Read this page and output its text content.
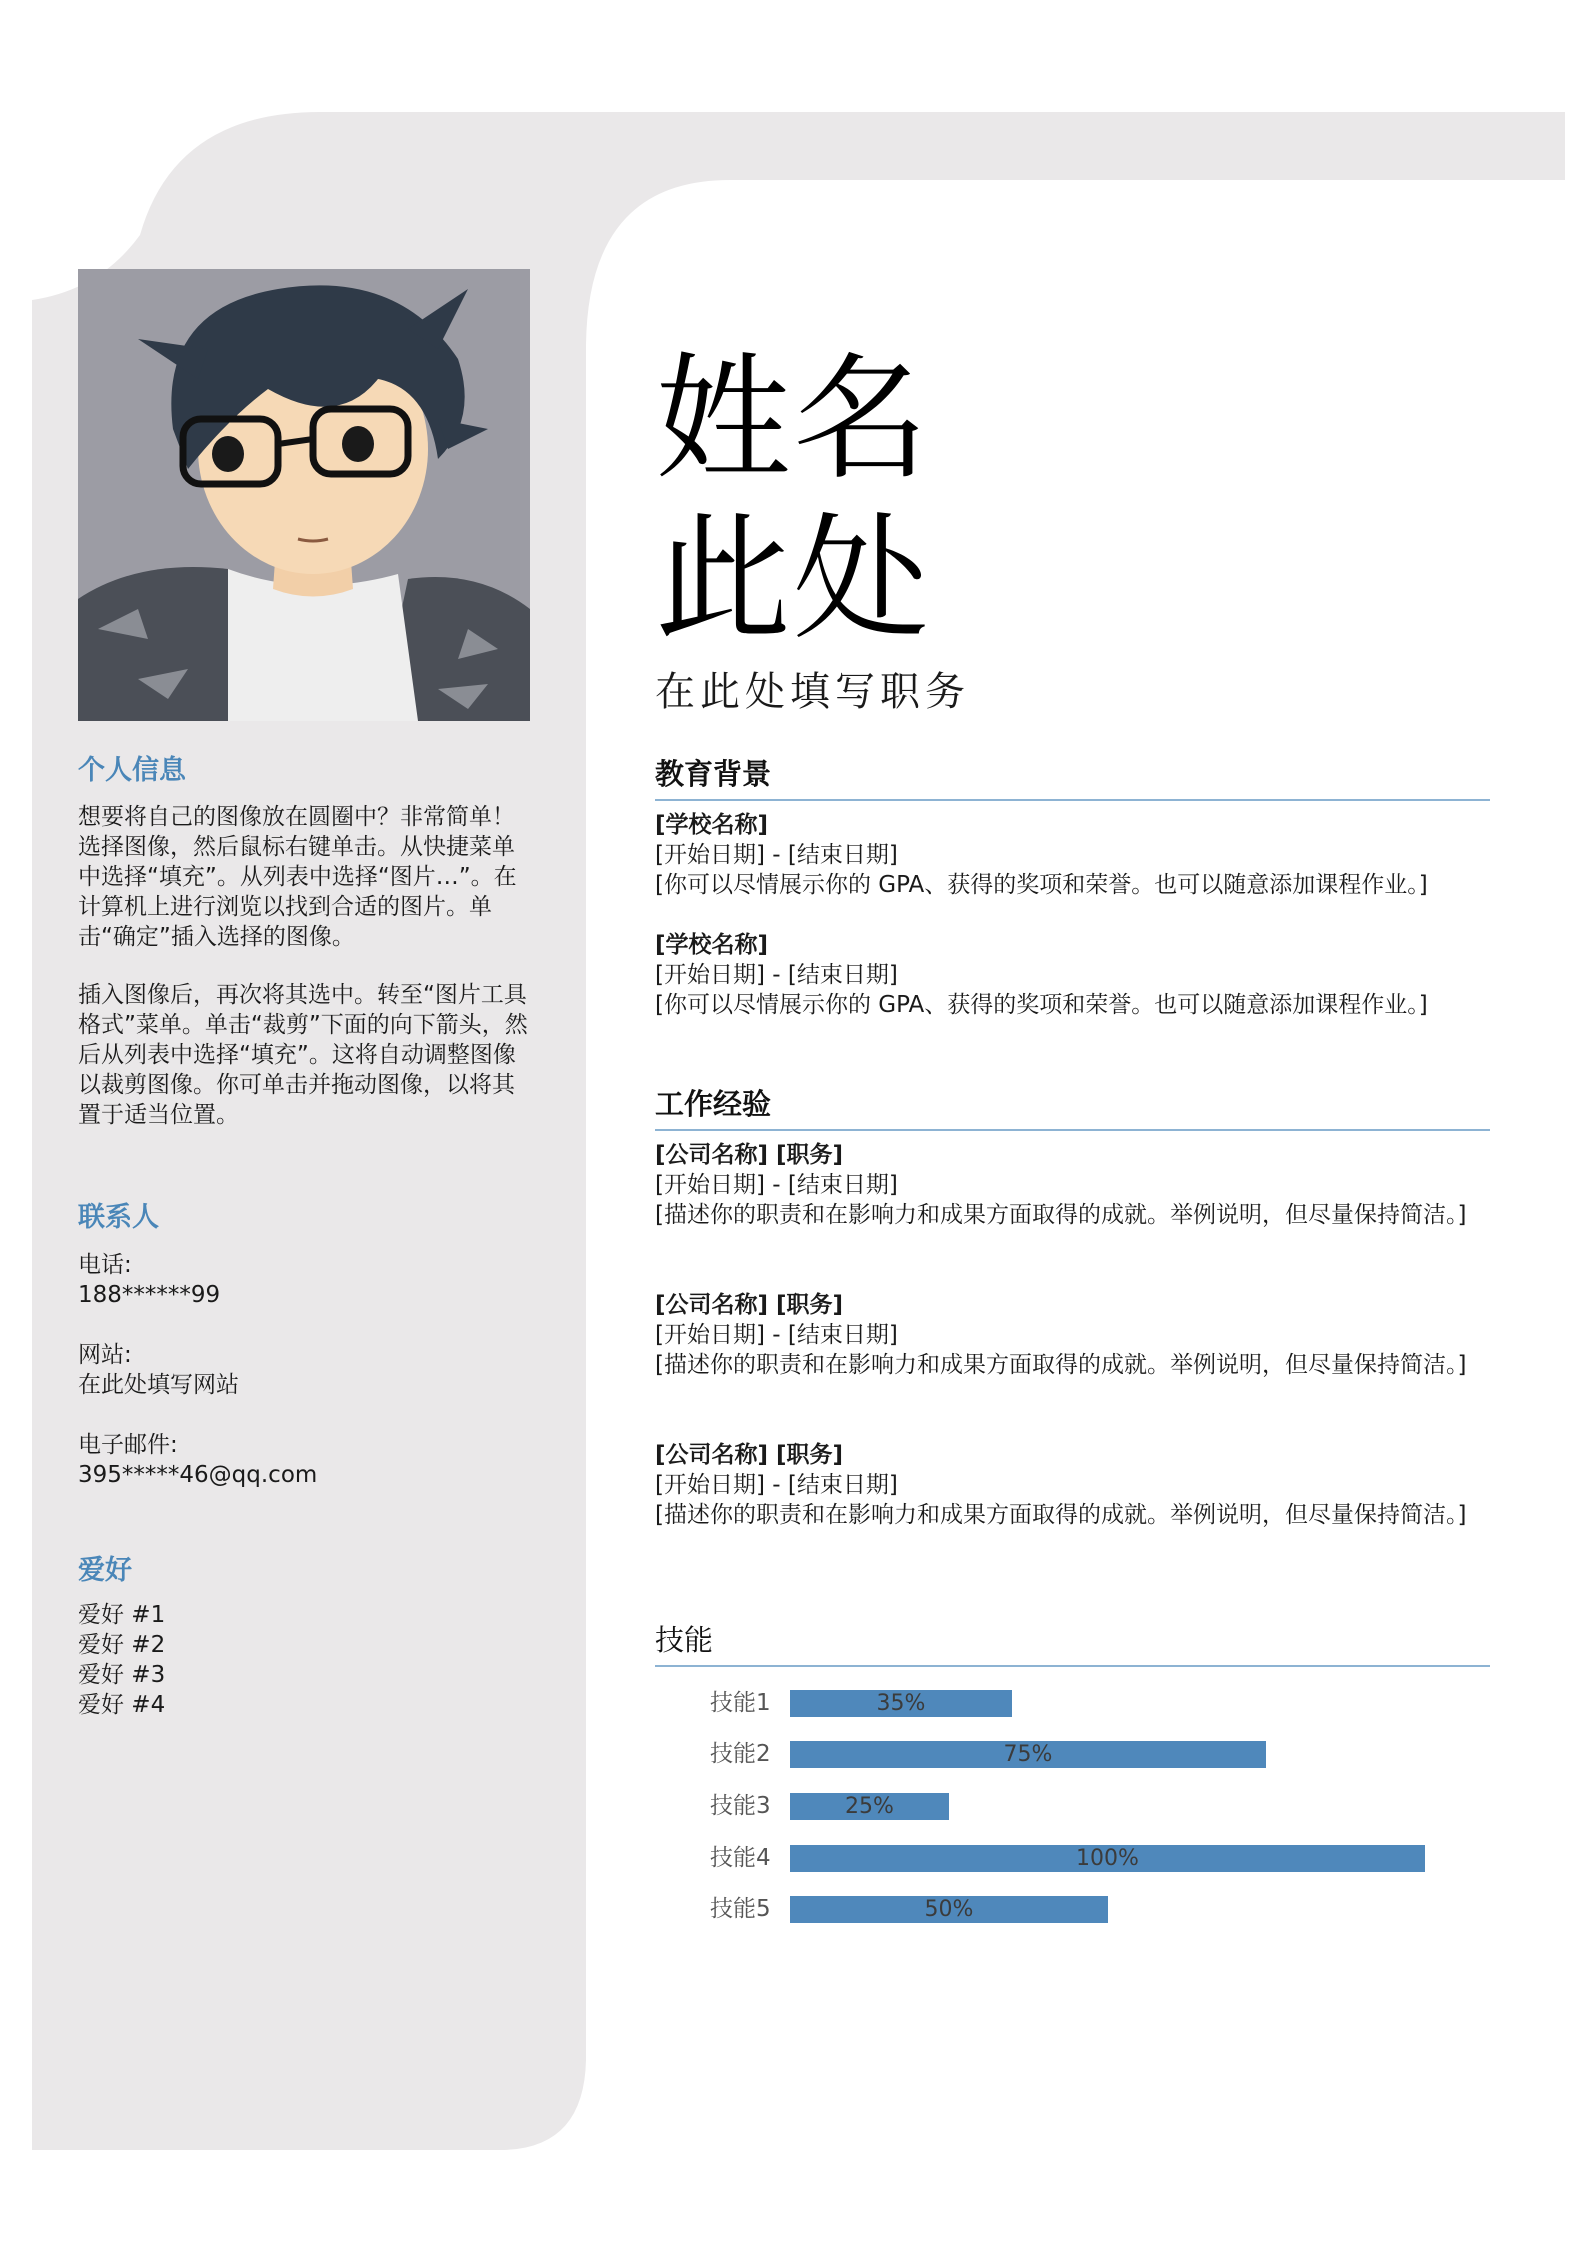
个人信息

想要将自己的图像放在圆圈中？非常简单！选择图像，然后鼠标右键单击。从快捷菜单中选择“填充”。从列表中选择“图片…”。在计算机上进行浏览以找到合适的图片。单击“确定”插入选择的图像。

插入图像后，再次将其选中。转至“图片工具格式”菜单。单击“裁剪”下面的向下箭头，然后从列表中选择“填充”。这将自动调整图像以裁剪图像。你可单击并拖动图像，以将其置于适当位置。

联系人
电话:
188******99
网站:
在此处填写网站
电子邮件:
395*****46@qq.com
爱好
爱好 #1
爱好 #2
爱好 #3
爱好 #4
姓名
此处
在此处填写职务
教育背景
[学校名称]
[开始日期] - [结束日期]
[你可以尽情展示你的 GPA、获得的奖项和荣誉。也可以随意添加课程作业。]
[学校名称]
[开始日期] - [结束日期]
[你可以尽情展示你的 GPA、获得的奖项和荣誉。也可以随意添加课程作业。]
工作经验
[公司名称] [职务]
[开始日期] - [结束日期]
[描述你的职责和在影响力和成果方面取得的成就。举例说明，但尽量保持简洁。]
[公司名称] [职务]
[开始日期] - [结束日期]
[描述你的职责和在影响力和成果方面取得的成就。举例说明，但尽量保持简洁。]
[公司名称] [职务]
[开始日期] - [结束日期]
[描述你的职责和在影响力和成果方面取得的成就。举例说明，但尽量保持简洁。]
技能
技能1	35%
技能2	75%
技能3	25%
技能4	100%
技能5	50%
